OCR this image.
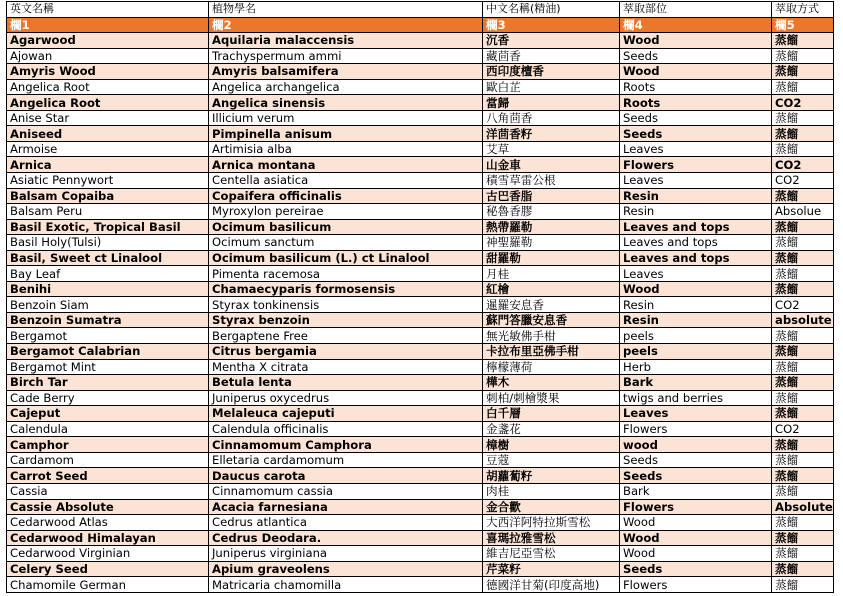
英文名稱	植物學名	中文名稱(精油)	萃取部位	萃取方式
欄1	欄2	欄3	欄4	欄5
Agarwood	Aquilaria malaccensis	沉香	Wood	蒸餾
Ajowan	Trachyspermum ammi	藏茴香	Seeds	蒸餾
Amyris Wood	Amyris balsamifera	西印度檀香	Wood	蒸餾
Angelica Root	Angelica archangelica	歐白芷	Roots	蒸餾
Angelica Root	Angelica sinensis	當歸	Roots	CO2
Anise Star	Illicium verum	八角茴香	Seeds	蒸餾
Aniseed	Pimpinella anisum	洋茴香籽	Seeds	蒸餾
Armoise	Artimisia alba	艾草	Leaves	蒸餾
Arnica	Arnica montana	山金車	Flowers	CO2
Asiatic Pennywort	Centella asiatica	積雪草雷公根	Leaves	CO2
Balsam Copaiba	Copaifera officinalis	古巴香脂	Resin	蒸餾
Balsam Peru	Myroxylon pereirae	秘魯香膠	Resin	Absolue
Basil Exotic, Tropical Basil	Ocimum basilicum	熱帶羅勒	Leaves and tops	蒸餾
Basil Holy(Tulsi)	Ocimum sanctum	神聖羅勒	Leaves and tops	蒸餾
Basil, Sweet ct Linalool	Ocimum basilicum (L.) ct Linalool	甜羅勒	Leaves and tops	蒸餾
Bay Leaf	Pimenta racemosa	月桂	Leaves	蒸餾
Benihi	Chamaecyparis formosensis	紅檜	Wood	蒸餾
Benzoin Siam	Styrax tonkinensis	暹羅安息香	Resin	CO2
Benzoin Sumatra	Styrax benzoin	蘇門答臘安息香	Resin	absolute
Bergamot	Bergaptene Free	無光敏佛手柑	peels	蒸餾
Bergamot Calabrian	Citrus bergamia	卡拉布里亞佛手柑	peels	蒸餾
Bergamot Mint	Mentha X citrata	檸檬薄荷	Herb	蒸餾
Birch Tar	Betula lenta	樺木	Bark	蒸餾
Cade Berry	Juniperus oxycedrus	刺柏/刺檜漿果	twigs and berries	蒸餾
Cajeput	Melaleuca cajeputi	白千層	Leaves	蒸餾
Calendula	Calendula officinalis	金盞花	Flowers	CO2
Camphor	Cinnamomum Camphora	樟樹	wood	蒸餾
Cardamom	Elletaria cardamomum	豆蔻	Seeds	蒸餾
Carrot Seed	Daucus carota	胡蘿蔔籽	Seeds	蒸餾
Cassia	Cinnamomum cassia	肉桂	Bark	蒸餾
Cassie Absolute	Acacia farnesiana	金合歡	Flowers	Absolute
Cedarwood Atlas	Cedrus atlantica	大西洋阿特拉斯雪松	Wood	蒸餾
Cedarwood Himalayan	Cedrus Deodara.	喜瑪拉雅雪松	Wood	蒸餾
Cedarwood Virginian	Juniperus virginiana	維吉尼亞雪松	Wood	蒸餾
Celery Seed	Apium graveolens	芹菜籽	Seeds	蒸餾
Chamomile German	Matricaria chamomilla	德國洋甘菊(印度高地)	Flowers	蒸餾
